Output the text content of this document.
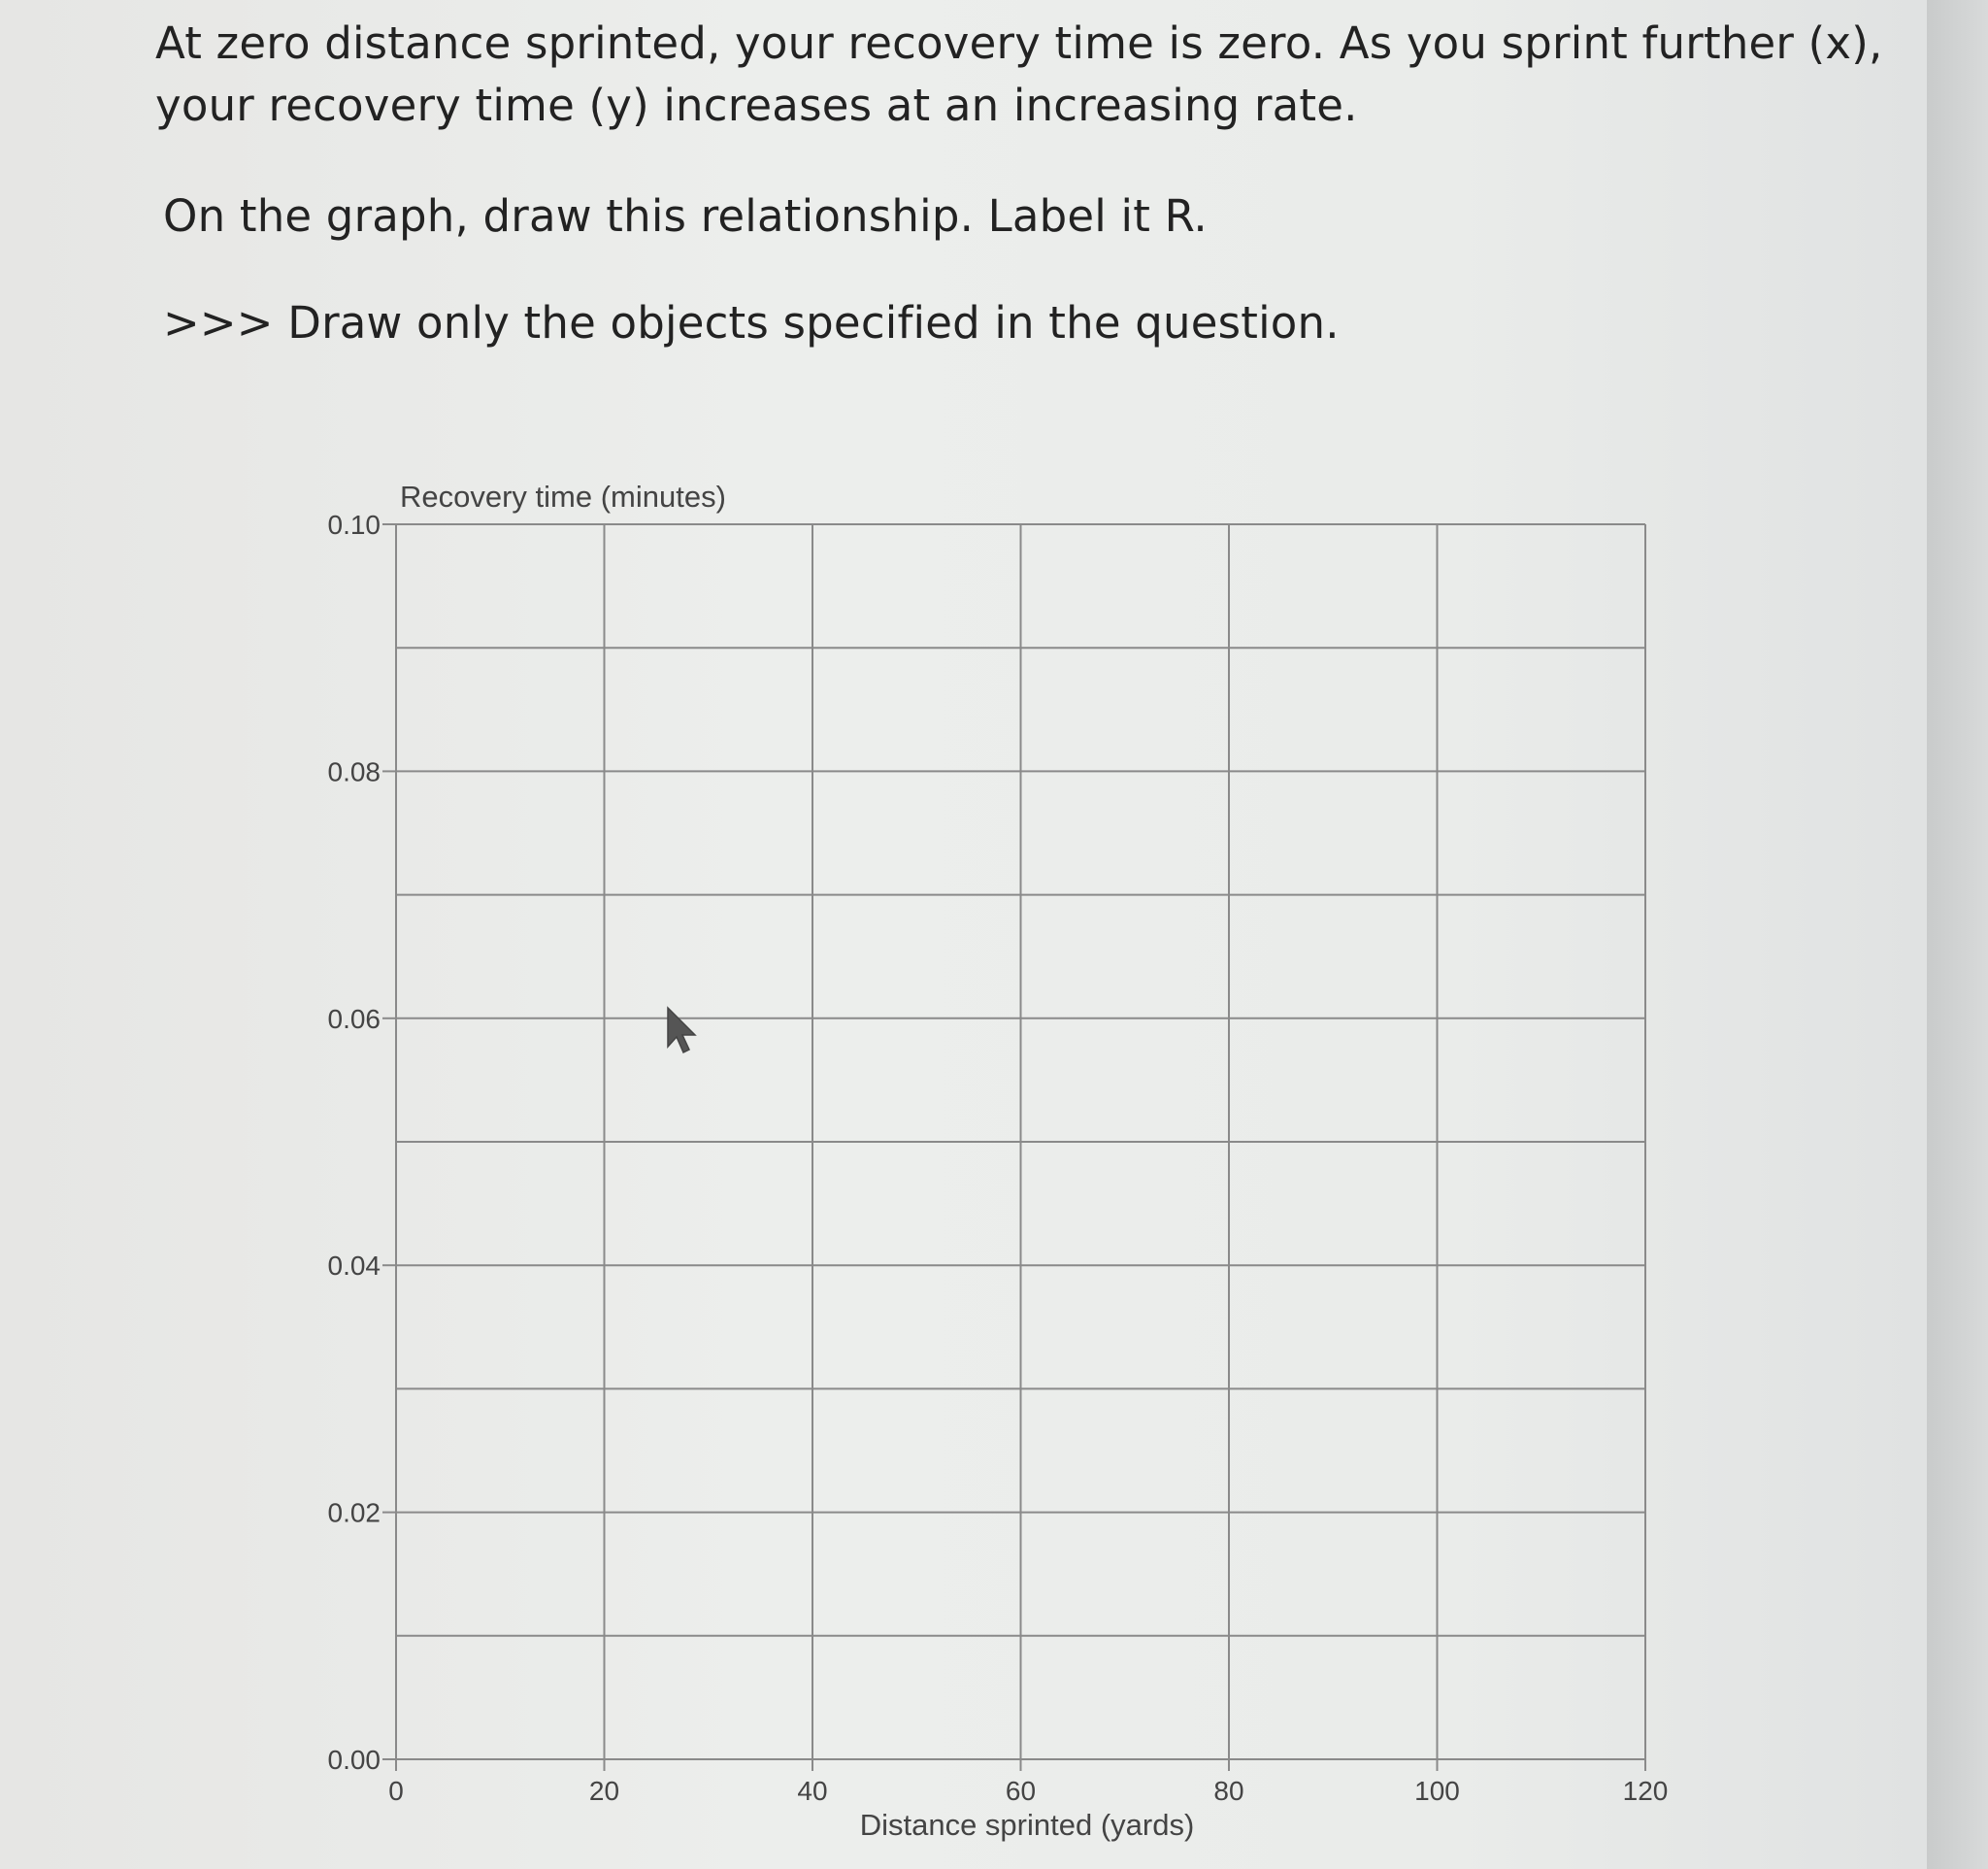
At zero distance sprinted, your recovery time is zero. As you sprint further (x),

your recovery time (y) increases at an increasing rate.

On the graph, draw this relationship. Label it R.

>>> Draw only the objects specified in the question.

0.00
0.02
0.04
0.06
0.08
0.10
0	20	40	60	80	100	120
Recovery time (minutes)
Distance sprinted (yards)
